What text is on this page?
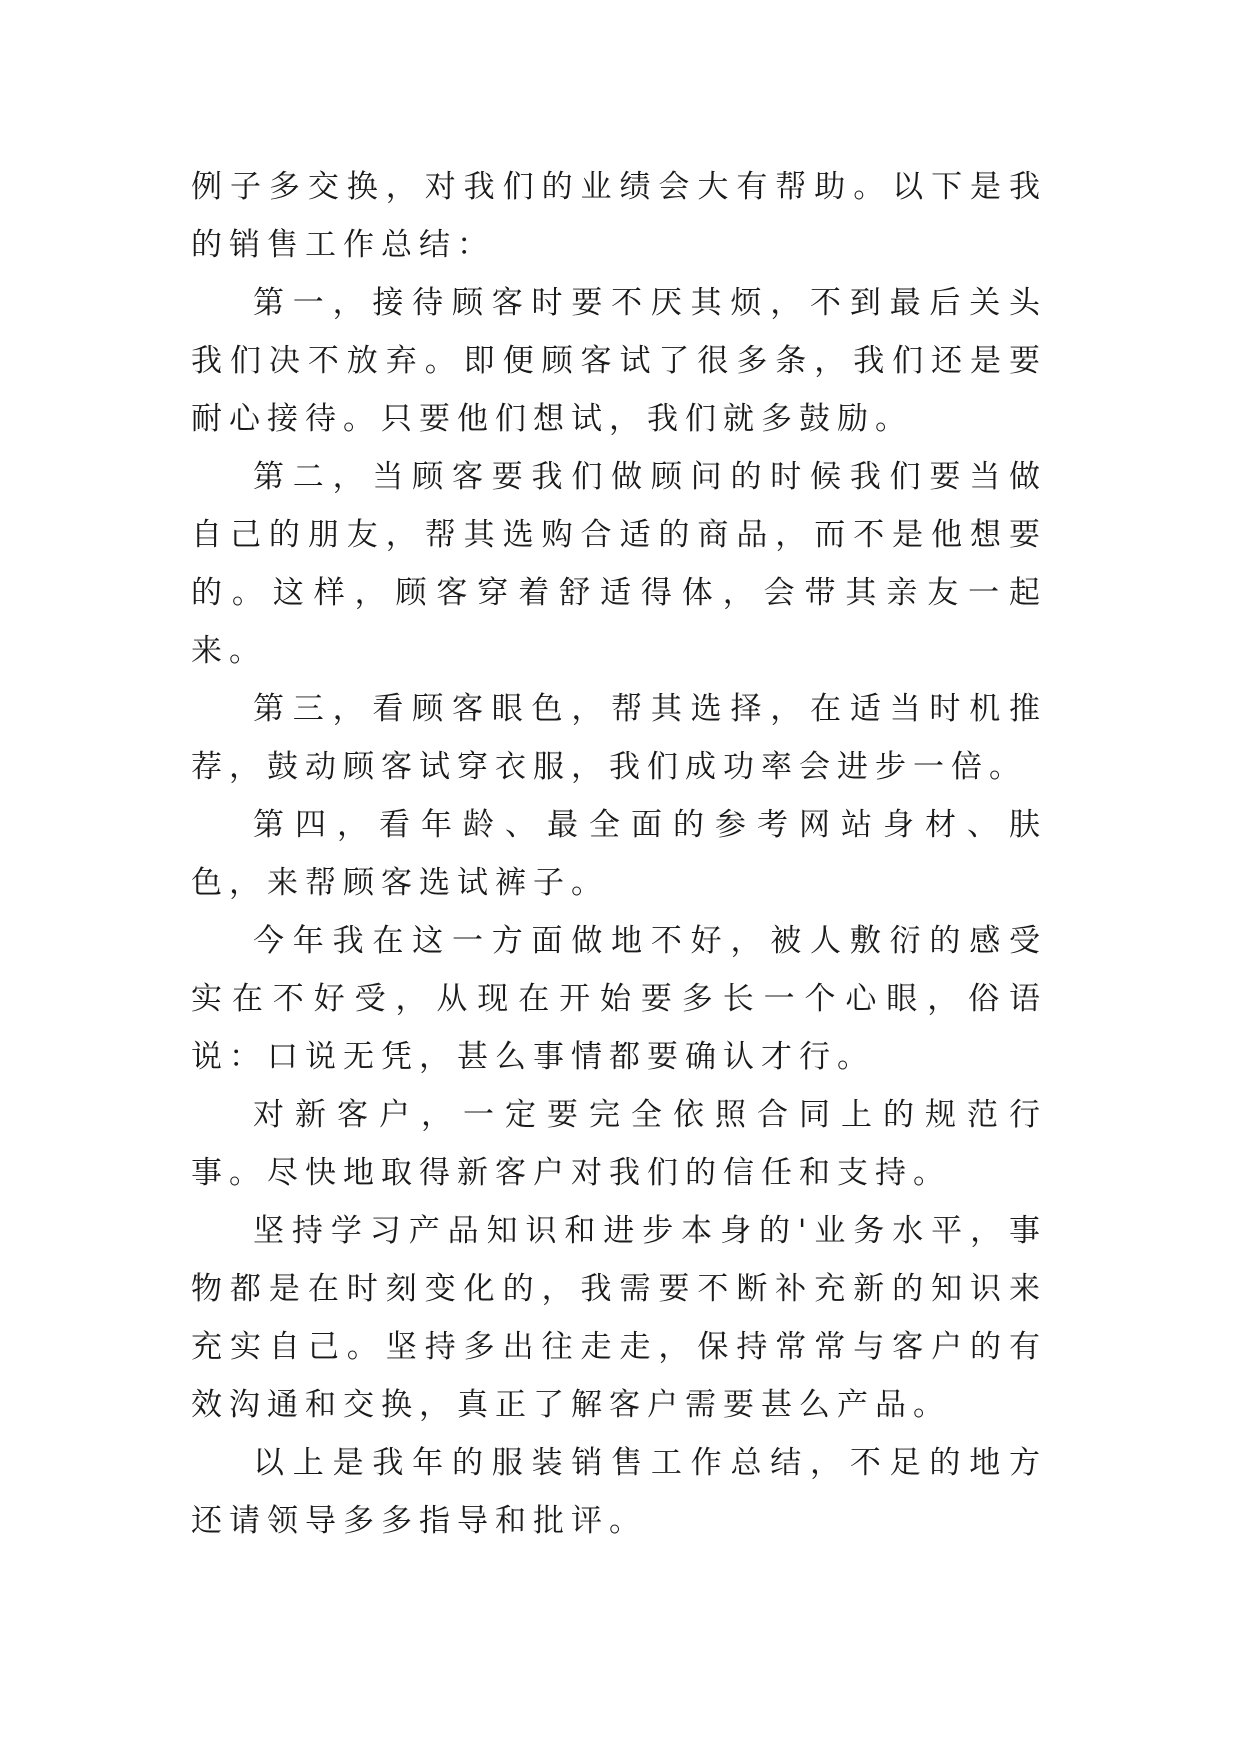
例子多交换，对我们的业绩会大有帮助。以下是我的销售工作总结：

第一，接待顾客时要不厌其烦，不到最后关头我们决不放弃。即便顾客试了很多条，我们还是要耐心接待。只要他们想试，我们就多鼓励。

第二，当顾客要我们做顾问的时候我们要当做自己的朋友，帮其选购合适的商品，而不是他想要的。这样，顾客穿着舒适得体，会带其亲友一起来。

第三，看顾客眼色，帮其选择，在适当时机推荐，鼓动顾客试穿衣服，我们成功率会进步一倍。

第四，看年龄、最全面的参考网站身材、肤色，来帮顾客选试裤子。

今年我在这一方面做地不好，被人敷衍的感受实在不好受，从现在开始要多长一个心眼，俗语说：口说无凭，甚么事情都要确认才行。

对新客户，一定要完全依照合同上的规范行事。尽快地取得新客户对我们的信任和支持。

坚持学习产品知识和进步本身的'业务水平，事物都是在时刻变化的，我需要不断补充新的知识来充实自己。坚持多出往走走，保持常常与客户的有效沟通和交换，真正了解客户需要甚么产品。

以上是我年的服装销售工作总结，不足的地方还请领导多多指导和批评。
